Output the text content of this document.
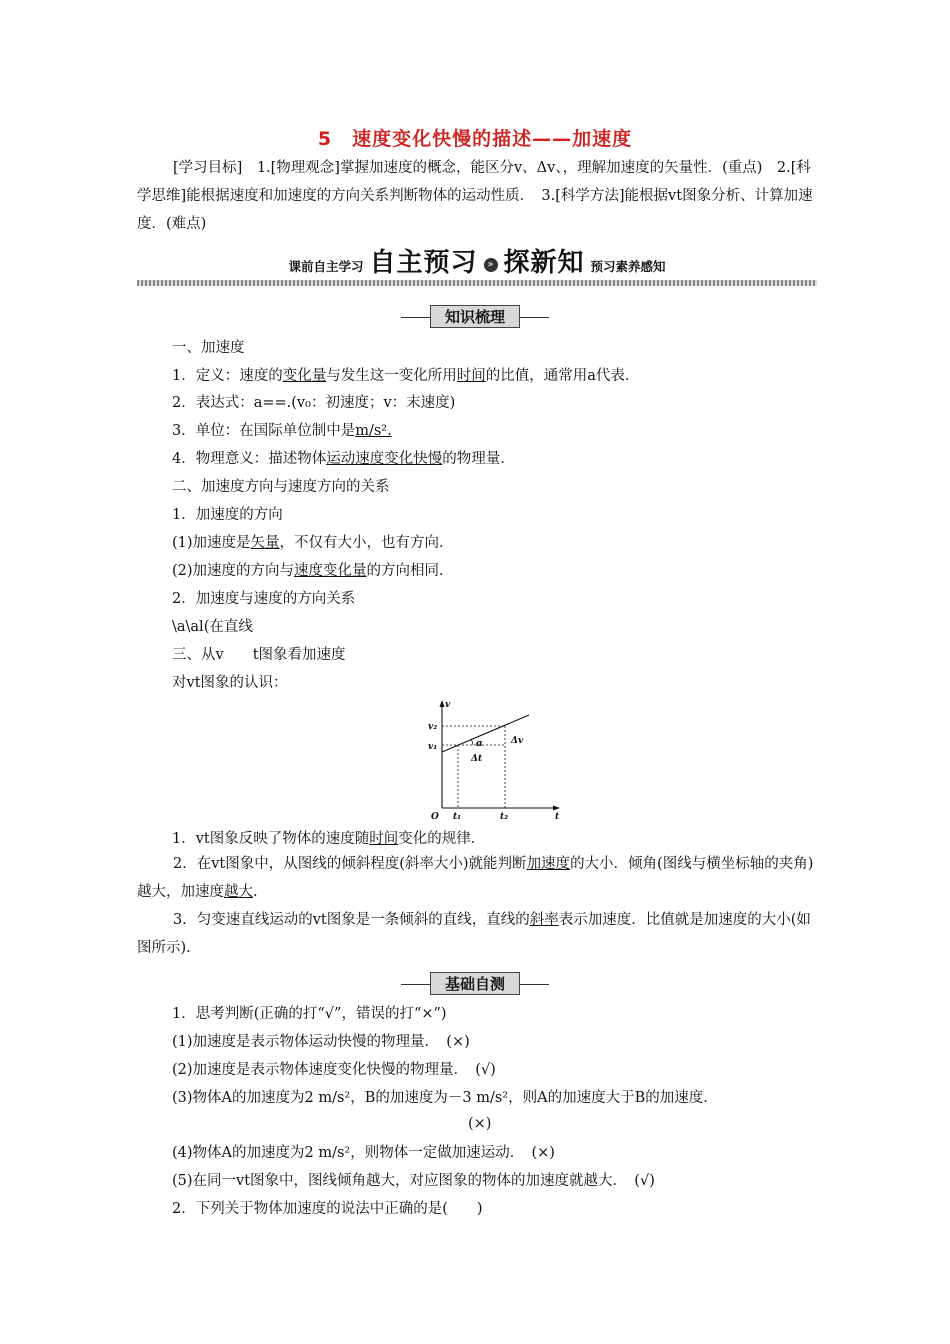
5　速度变化快慢的描述——加速度
[学习目标]　1.[物理观念]掌握加速度的概念，能区分v、Δv、，理解加速度的矢量性．(重点)　2.[科学思维]能根据速度和加速度的方向关系判断物体的运动性质．　3.[科学方法]能根据vt图象分析、计算加速度．(难点)
课前自主学习 自主预习 » 探新知 预习素养感知
知识梳理
一、加速度
1．定义：速度的变化量与发生这一变化所用时间的比值，通常用a代表．
2．表达式：a==.(v₀：初速度；v：末速度)
3．单位：在国际单位制中是m/s².
4．物理意义：描述物体运动速度变化快慢的物理量．
二、加速度方向与速度方向的关系
1．加速度的方向
(1)加速度是矢量，不仅有大小，也有方向．
(2)加速度的方向与速度变化量的方向相同．
2．加速度与速度的方向关系
\a\al(在直线
三、从v　　t图象看加速度
对vt图象的认识：
v
t
O
v₂
v₁
t₁	t₂
α	Δv
Δt
1．vt图象反映了物体的速度随时间变化的规律．
2．在vt图象中，从图线的倾斜程度(斜率大小)就能判断加速度的大小．倾角(图线与横坐标轴的夹角)越大，加速度越大.
3．匀变速直线运动的vt图象是一条倾斜的直线，直线的斜率表示加速度．比值就是加速度的大小(如图所示).
基础自测
1．思考判断(正确的打“√”，错误的打“×”)
(1)加速度是表示物体运动快慢的物理量．　(×)
(2)加速度是表示物体速度变化快慢的物理量．　(√)
(3)物体A的加速度为2 m/s²，B的加速度为－3 m/s²，则A的加速度大于B的加速度．
(×)
(4)物体A的加速度为2 m/s²，则物体一定做加速运动．　(×)
(5)在同一vt图象中，图线倾角越大，对应图象的物体的加速度就越大．　(√)
2．下列关于物体加速度的说法中正确的是(　　)
